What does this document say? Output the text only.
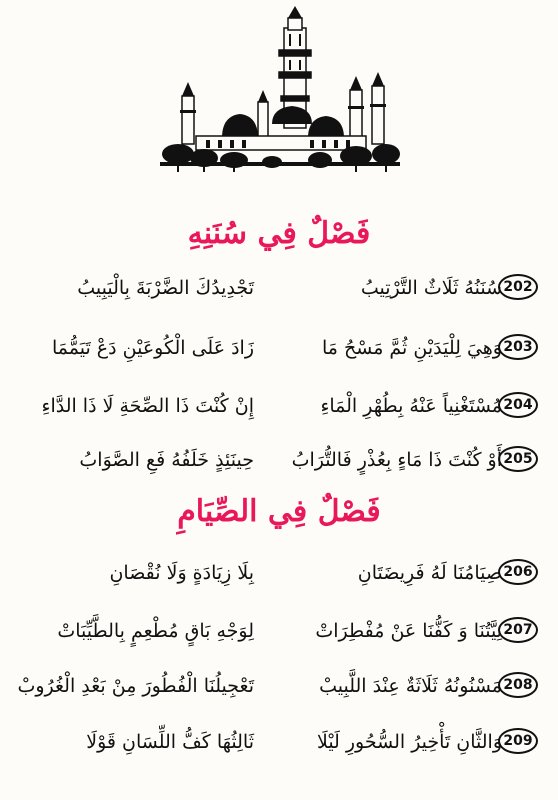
فَصْلٌ فِي سُنَنِهِ
202
سُنَنُهُ ثَلَاثٌ التَّرْتِيبُ
تَجْدِيدُكَ الضَّرْبَةَ بِالْيَبِيبُ
203
وَهِيَ لِلْيَدَيْنِ ثُمَّ مَسْحُ مَا
زَادَ عَلَى الْكُوعَيْنِ دَعْ تَيَمُّمَا
204
مُسْتَغْنِياً عَنْهُ بِطُهْرِ الْمَاءِ
إِنْ كُنْتَ ذَا الصِّحَةِ لَا ذَا الدَّاءِ
205
أَوْ كُنْتَ ذَا مَاءٍ بِعُذْرٍ فَالتُّرَابُ
حِينَئِذٍ خَلَفُهُ فَعِ الصَّوَابُ
فَصْلٌ فِي الصِّيَامِ
206
صِيَامُنَا لَهُ فَرِيضَتَانِ
بِلَا زِيَادَةٍ وَلَا نُقْصَانِ
207
نِيَّتُنَا وَ كَفُّنَا عَنْ مُفْطِرَاتْ
لِوَجْهِ بَاقٍ مُطْعِمٍ بِالطَّيِّبَاتْ
208
مَسْنُونُهُ ثَلَاثَةٌ عِنْدَ اللَّبِيبْ
تَعْجِيلُنَا الْفُطُورَ مِنْ بَعْدِ الْغُرُوبْ
209
وَالثَّانِ تَأْخِيرُ السُّحُورِ لَيْلَا
ثَالِثُهَا كَفُّ اللِّسَانِ قَوْلَا
